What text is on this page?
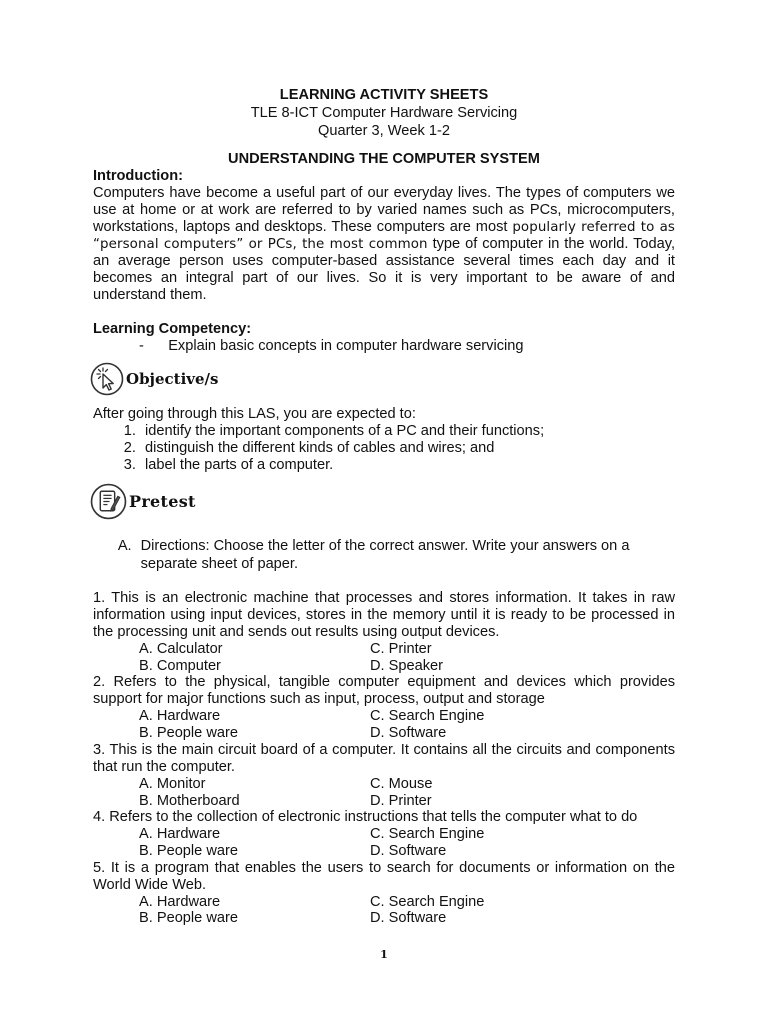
LEARNING ACTIVITY SHEETS
TLE 8-ICT Computer Hardware Servicing
Quarter 3, Week 1-2
UNDERSTANDING THE COMPUTER SYSTEM
Introduction:
Computers have become a useful part of our everyday lives. The types of computers we use at home or at work are referred to by varied names such as PCs, microcomputers, workstations, laptops and desktops. These computers are most popularly referred to as “personal computers” or PCs, the most common type of computer in the world. Today, an average person uses computer-based assistance several times each day and it becomes an integral part of our lives. So it is very important to be aware of and understand them.
Learning Competency:
-      Explain basic concepts in computer hardware servicing
Objective/s
After going through this LAS, you are expected to:
1. identify the important components of a PC and their functions;
2. distinguish the different kinds of cables and wires; and
3. label the parts of a computer.
Pretest
A. Directions: Choose the letter of the correct answer. Write your answers on a separate sheet of paper.
1. This is an electronic machine that processes and stores information. It takes in raw information using input devices, stores in the memory until it is ready to be processed in the processing unit and sends out results using output devices.
A. Calculator	C. Printer
B. Computer	D. Speaker
2. Refers to the physical, tangible computer equipment and devices which provides support for major functions such as input, process, output and storage
A. Hardware	C. Search Engine
B. People ware	D. Software
3. This is the main circuit board of a computer. It contains all the circuits and components that run the computer.
A. Monitor	C. Mouse
B. Motherboard	D. Printer
4. Refers to the collection of electronic instructions that tells the computer what to do
A. Hardware	C. Search Engine
B. People ware	D. Software
5. It is a program that enables the users to search for documents or information on the World Wide Web.
A. Hardware	C. Search Engine
B. People ware	D. Software
1
